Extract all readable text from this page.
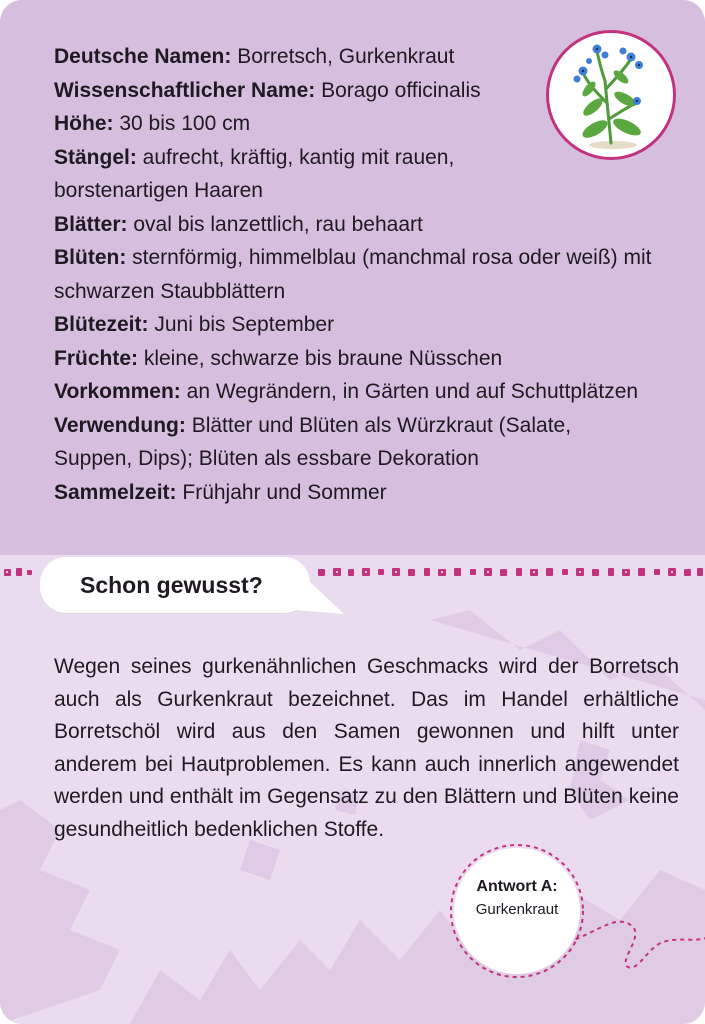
Deutsche Namen: Borretsch, Gurkenkraut

Wissenschaftlicher Name: Borago officinalis

Höhe: 30 bis 100 cm

Stängel: aufrecht, kräftig, kantig mit rauen, borstenartigen Haaren

Blätter: oval bis lanzettlich, rau behaart

Blüten: sternförmig, himmelblau (manchmal rosa oder weiß) mit schwarzen Staubblättern

Blütezeit: Juni bis September

Früchte: kleine, schwarze bis braune Nüsschen

Vorkommen: an Wegrändern, in Gärten und auf Schuttplätzen

Verwendung: Blätter und Blüten als Würzkraut (Salate, Suppen, Dips); Blüten als essbare Dekoration

Sammelzeit: Frühjahr und Sommer

Schon gewusst?
Wegen seines gurkenähnlichen Geschmacks wird der Borretsch auch als Gurkenkraut bezeichnet. Das im Handel erhältliche Borretschöl wird aus den Samen gewonnen und hilft unter anderem bei Hautproblemen. Es kann auch innerlich angewendet werden und enthält im Gegensatz zu den Blättern und Blüten keine gesundheitlich bedenklichen Stoffe.
Antwort A:
Gurkenkraut
